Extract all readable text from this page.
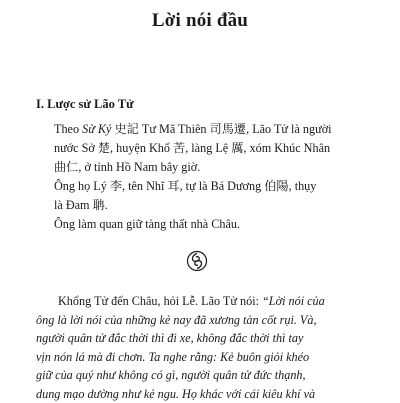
Lời nói đầu
I. Lược sử Lão Tử
Theo Sử Ký 史記 Tư Mã Thiên 司馬遷, Lão Tử là người
nước Sở 楚, huyện Khổ 苦, làng Lệ 厲, xóm Khúc Nhân
曲仁, ở tỉnh Hồ Nam bây giờ.
Ông họ Lý 李, tên Nhĩ 耳, tự là Bá Dương 伯陽, thụy
là Đam 聃.
Ông làm quan giữ tàng thất nhà Châu.
Khổng Tử đến Châu, hỏi Lễ. Lão Tử nói: “Lời nói của
ông là lời nói của những kẻ nay đã xương tàn cốt rụi. Và,
người quân tử đắc thời thì đi xe, không đắc thời thì tay
vịn nón lá mà đi chơn. Ta nghe rằng: Kẻ buôn giỏi khéo
giữ của quý như không có gì, người quân tử đức thạnh,
dung mạo dường như kẻ ngu. Họ khác với cái kiêu khí và
